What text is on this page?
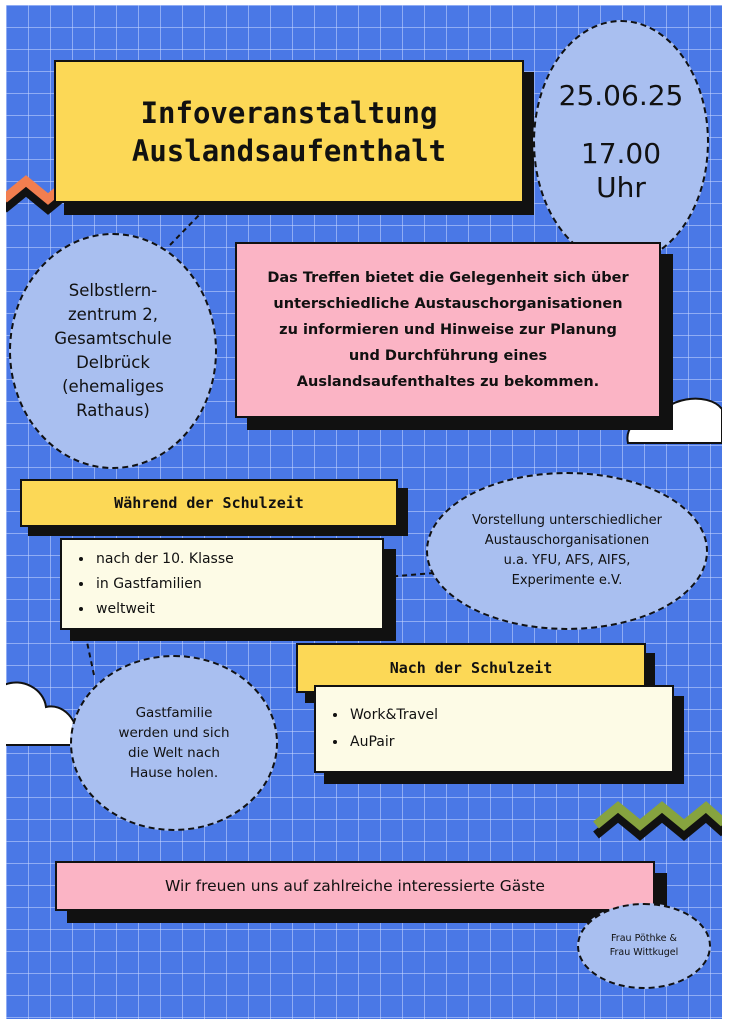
Infoveranstaltung
Auslandsaufenthalt
25.06.25
17.00
Uhr
Selbstlern-
zentrum 2,
Gesamtschule
Delbrück
(ehemaliges
Rathaus)
Das Treffen bietet die Gelegenheit sich über
unterschiedliche Austauschorganisationen
zu informieren und Hinweise zur Planung
und Durchführung eines
Auslandsaufenthaltes zu bekommen.
Während der Schulzeit
• nach der 10. Klasse
• in Gastfamilien
• weltweit
Vorstellung unterschiedlicher
Austauschorganisationen
u.a. YFU, AFS, AIFS,
Experimente e.V.
Nach der Schulzeit
• Work&Travel
• AuPair
Gastfamilie
werden und sich
die Welt nach
Hause holen.
Wir freuen uns auf zahlreiche interessierte Gäste
Frau Pöthke &
Frau Wittkugel
